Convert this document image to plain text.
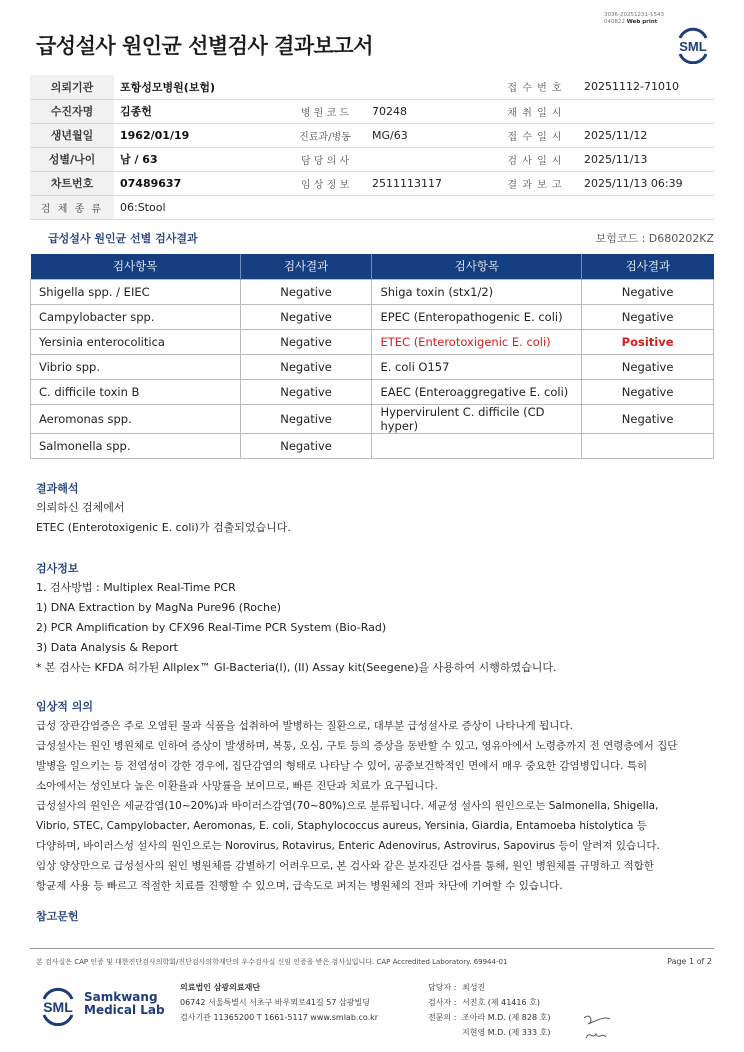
3036-20251231-1543
040822 Web print
급성설사 원인균 선별검사 결과보고서	SML
의뢰기관	포항성모병원(보험)			접 수 번 호	20251112-71010
수진자명	김종헌	병 원 코 드	70248	채 취 일 시	
생년월일	1962/01/19	진료과/병동	MG/63	접 수 일 시	2025/11/12
성별/나이	남 / 63	담 당 의 사		검 사 일 시	2025/11/13
차트번호	07489637	임 상 정 보	2511113117	결 과 보 고	2025/11/13 06:39
검 체 종 류	06:Stool				
급성설사 원인균 선별 검사결과	보험코드 : D680202KZ
검사항목	검사결과	검사항목	검사결과
Shigella spp. / EIEC	Negative	Shiga toxin (stx1/2)	Negative
Campylobacter spp.	Negative	EPEC (Enteropathogenic E. coli)	Negative
Yersinia enterocolitica	Negative	ETEC (Enterotoxigenic E. coli)	Positive
Vibrio spp.	Negative	E. coli O157	Negative
C. difficile toxin B	Negative	EAEC (Enteroaggregative E. coli)	Negative
Aeromonas spp.	Negative	Hypervirulent C. difficile (CD hyper)	Negative
Salmonella spp.	Negative		
결과해석
의뢰하신 검체에서
ETEC (Enterotoxigenic E. coli)가 검출되었습니다.
검사정보
1. 검사방법 : Multiplex Real-Time PCR
1) DNA Extraction by MagNa Pure96 (Roche)
2) PCR Amplification by CFX96 Real-Time PCR System (Bio-Rad)
3) Data Analysis & Report
* 본 검사는 KFDA 허가된 Allplex™ GI-Bacteria(I), (II) Assay kit(Seegene)을 사용하여 시행하였습니다.
임상적 의의
급성 장관감염증은 주로 오염된 물과 식품을 섭취하여 발병하는 질환으로, 대부분 급성설사로 증상이 나타나게 됩니다.
급성설사는 원인 병원체로 인하여 증상이 발생하며, 복통, 오심, 구토 등의 증상을 동반할 수 있고, 영유아에서 노령층까지 전 연령층에서 집단
발병을 일으키는 등 전염성이 강한 경우에, 집단감염의 형태로 나타날 수 있어, 공중보건학적인 면에서 매우 중요한 감염병입니다. 특히
소아에서는 성인보다 높은 이환율과 사망률을 보이므로, 빠른 진단과 치료가 요구됩니다.
급성설사의 원인은 세균감염(10~20%)과 바이러스감염(70~80%)으로 분류됩니다. 세균성 설사의 원인으로는 Salmonella, Shigella,
Vibrio, STEC, Campylobacter, Aeromonas, E. coli, Staphylococcus aureus, Yersinia, Giardia, Entamoeba histolytica 등
다양하며, 바이러스성 설사의 원인으로는 Norovirus, Rotavirus, Enteric Adenovirus, Astrovirus, Sapovirus 등이 알려져 있습니다.
임상 양상만으로 급성설사의 원인 병원체를 감별하기 어려우므로, 본 검사와 같은 분자진단 검사를 통해, 원인 병원체를 규명하고 적합한
항균제 사용 등 빠르고 적절한 치료를 진행할 수 있으며, 급속도로 퍼지는 병원체의 전파 차단에 기여할 수 있습니다.
참고문헌
본 검사실은 CAP 인증 및 대한진단검사의학회/진단검사의학재단의 우수검사실 신임 인증을 받은 검사실입니다. CAP Accredited Laboratory. 69944-01	Page 1 of 2
SML
Samkwang
Medical Lab
의료법인 삼광의료재단
06742 서울특별시 서초구 바우뫼로41길 57 삼광빌딩
검사기관 11365200 T 1661-5117 www.smlab.co.kr
담당자 : 최성진
검사자 : 서진호 (제 41416 호)
전문의 : 조아라 M.D. (제 828 호)
지현영 M.D. (제 333 호)
